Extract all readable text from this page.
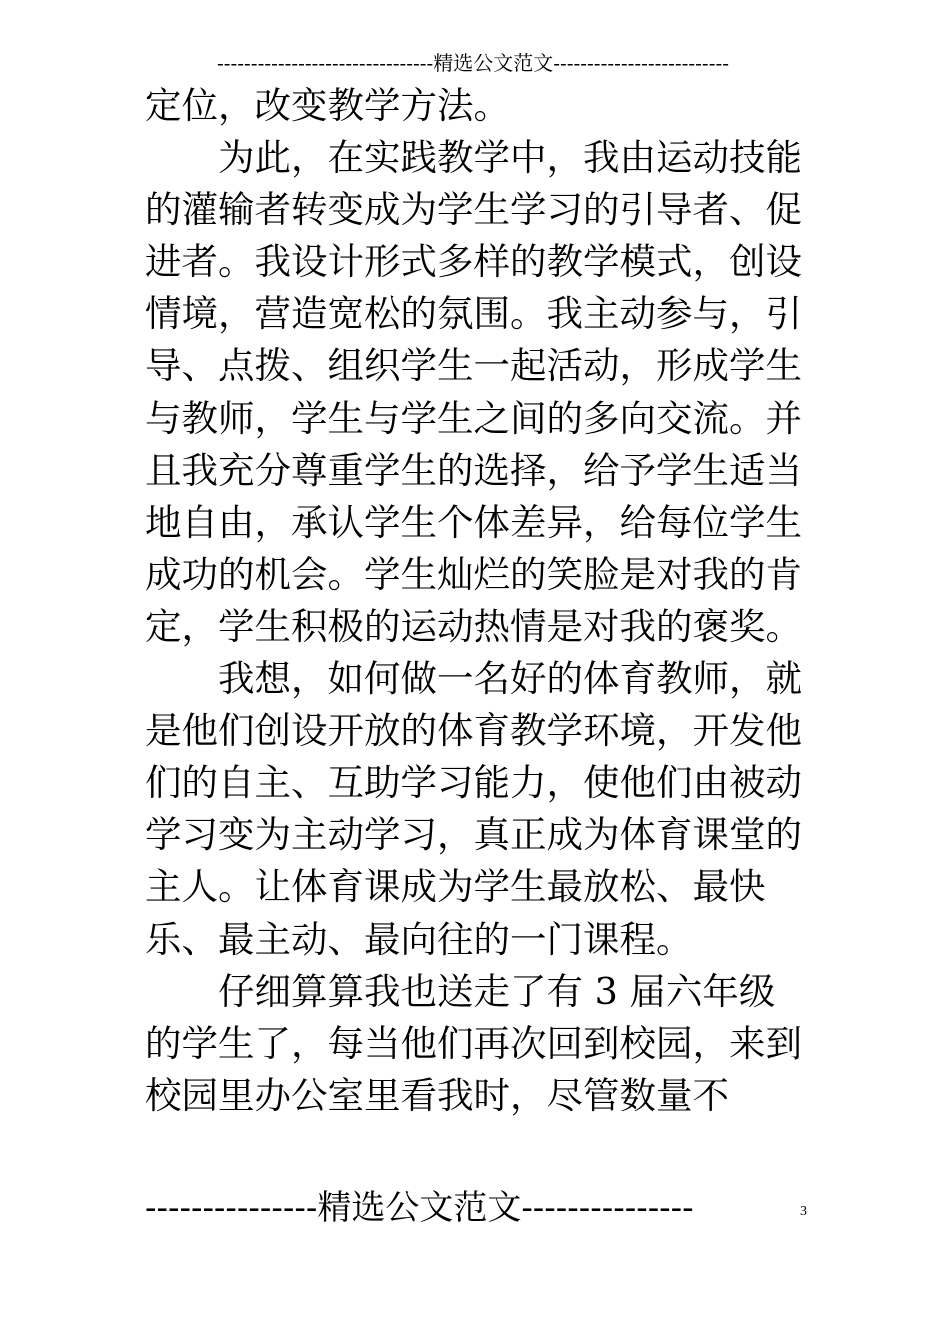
--------------------------------精选公文范文--------------------------

定位，改变教学方法。

为此，在实践教学中，我由运动技能的灌输者转变成为学生学习的引导者、促进者。我设计形式多样的教学模式，创设情境，营造宽松的氛围。我主动参与，引导、点拨、组织学生一起活动，形成学生与教师，学生与学生之间的多向交流。并且我充分尊重学生的选择，给予学生适当地自由，承认学生个体差异，给每位学生成功的机会。学生灿烂的笑脸是对我的肯定，学生积极的运动热情是对我的褒奖。

我想，如何做一名好的体育教师，就是他们创设开放的体育教学环境，开发他们的自主、互助学习能力，使他们由被动学习变为主动学习，真正成为体育课堂的主人。让体育课成为学生最放松、最快乐、最主动、最向往的一门课程。

仔细算算我也送走了有 3 届六年级的学生了，每当他们再次回到校园，来到校园里办公室里看我时，尽管数量不

---------------精选公文范文---------------	3
